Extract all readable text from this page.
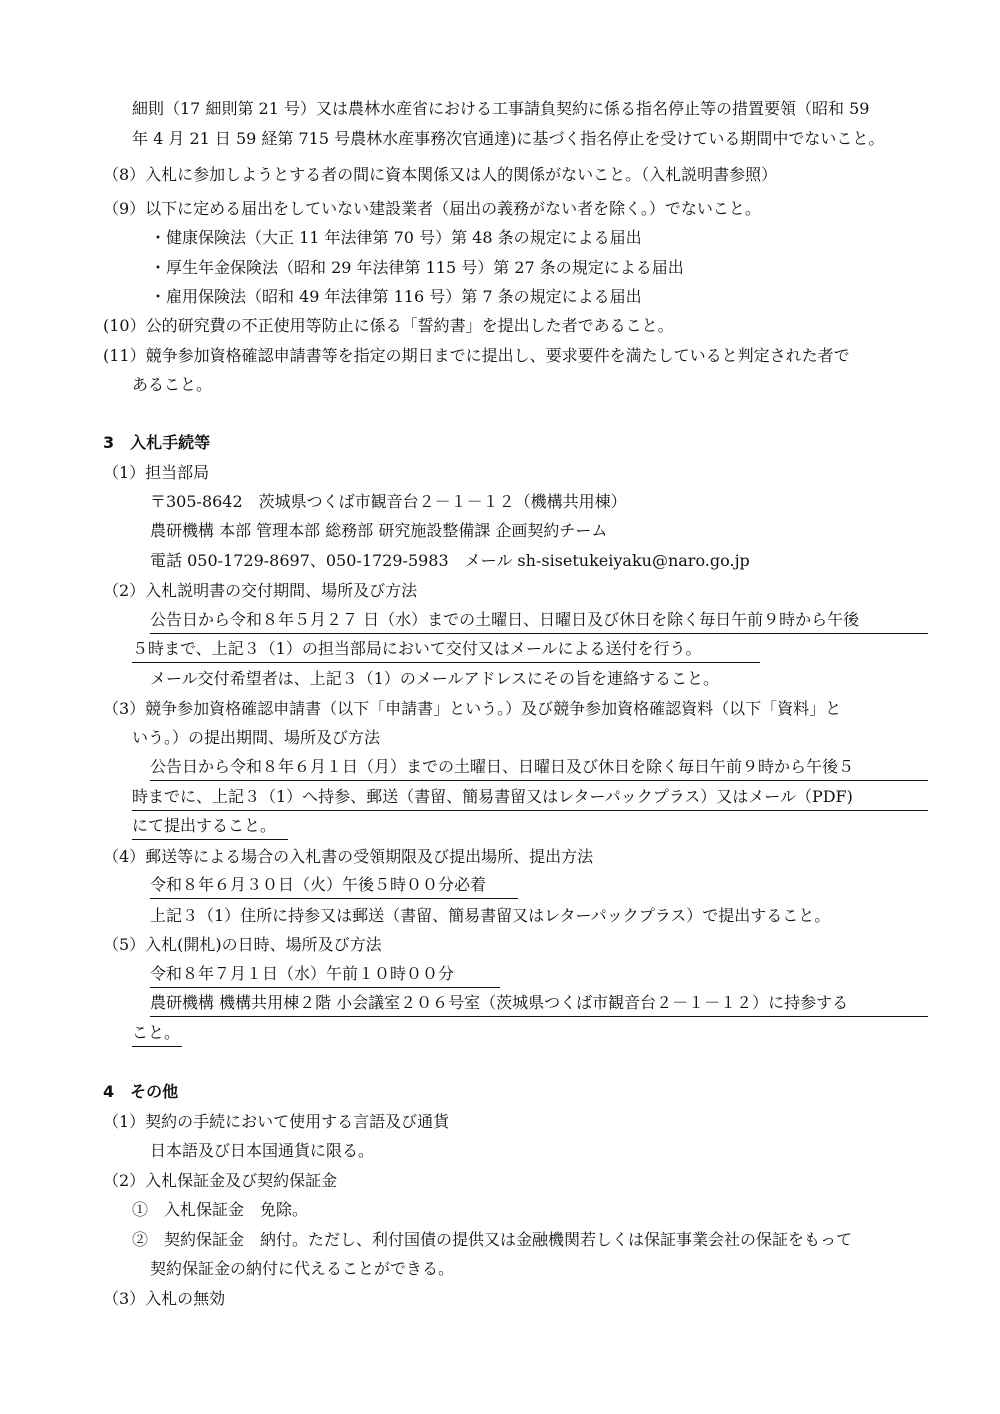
細則（17 細則第 21 号）又は農林水産省における工事請負契約に係る指名停止等の措置要領（昭和 59
年 4 月 21 日 59 経第 715 号農林水産事務次官通達)に基づく指名停止を受けている期間中でないこと。
（8）入札に参加しようとする者の間に資本関係又は人的関係がないこと。（入札説明書参照）
（9）以下に定める届出をしていない建設業者（届出の義務がない者を除く。）でないこと。
・健康保険法（大正 11 年法律第 70 号）第 48 条の規定による届出
・厚生年金保険法（昭和 29 年法律第 115 号）第 27 条の規定による届出
・雇用保険法（昭和 49 年法律第 116 号）第 7 条の規定による届出
(10）公的研究費の不正使用等防止に係る「誓約書」を提出した者であること。
(11）競争参加資格確認申請書等を指定の期日までに提出し、要求要件を満たしていると判定された者で
あること。
3　入札手続等
（1）担当部局
〒305-8642　茨城県つくば市観音台２－１－１２（機構共用棟）
農研機構 本部 管理本部 総務部 研究施設整備課 企画契約チーム
電話 050-1729-8697、050-1729-5983　メール sh-sisetukeiyaku@naro.go.jp
（2）入札説明書の交付期間、場所及び方法
公告日から令和８年５月２７ 日（水）までの土曜日、日曜日及び休日を除く毎日午前９時から午後
５時まで、上記３（1）の担当部局において交付又はメールによる送付を行う。
メール交付希望者は、上記３（1）のメールアドレスにその旨を連絡すること。
（3）競争参加資格確認申請書（以下「申請書」という。）及び競争参加資格確認資料（以下「資料」と
いう。）の提出期間、場所及び方法
公告日から令和８年６月１日（月）までの土曜日、日曜日及び休日を除く毎日午前９時から午後５
時までに、上記３（1）へ持参、郵送（書留、簡易書留又はレターパックプラス）又はメール（PDF)
にて提出すること。
（4）郵送等による場合の入札書の受領期限及び提出場所、提出方法
令和８年６月３０日（火）午後５時００分必着
上記３（1）住所に持参又は郵送（書留、簡易書留又はレターパックプラス）で提出すること。
（5）入札(開札)の日時、場所及び方法
令和８年７月１日（水）午前１０時００分
農研機構 機構共用棟２階 小会議室２０６号室（茨城県つくば市観音台２－１－１２）に持参する
こと。
4　その他
（1）契約の手続において使用する言語及び通貨
日本語及び日本国通貨に限る。
（2）入札保証金及び契約保証金
①　入札保証金　免除。
②　契約保証金　納付。ただし、利付国債の提供又は金融機関若しくは保証事業会社の保証をもって
契約保証金の納付に代えることができる。
（3）入札の無効
